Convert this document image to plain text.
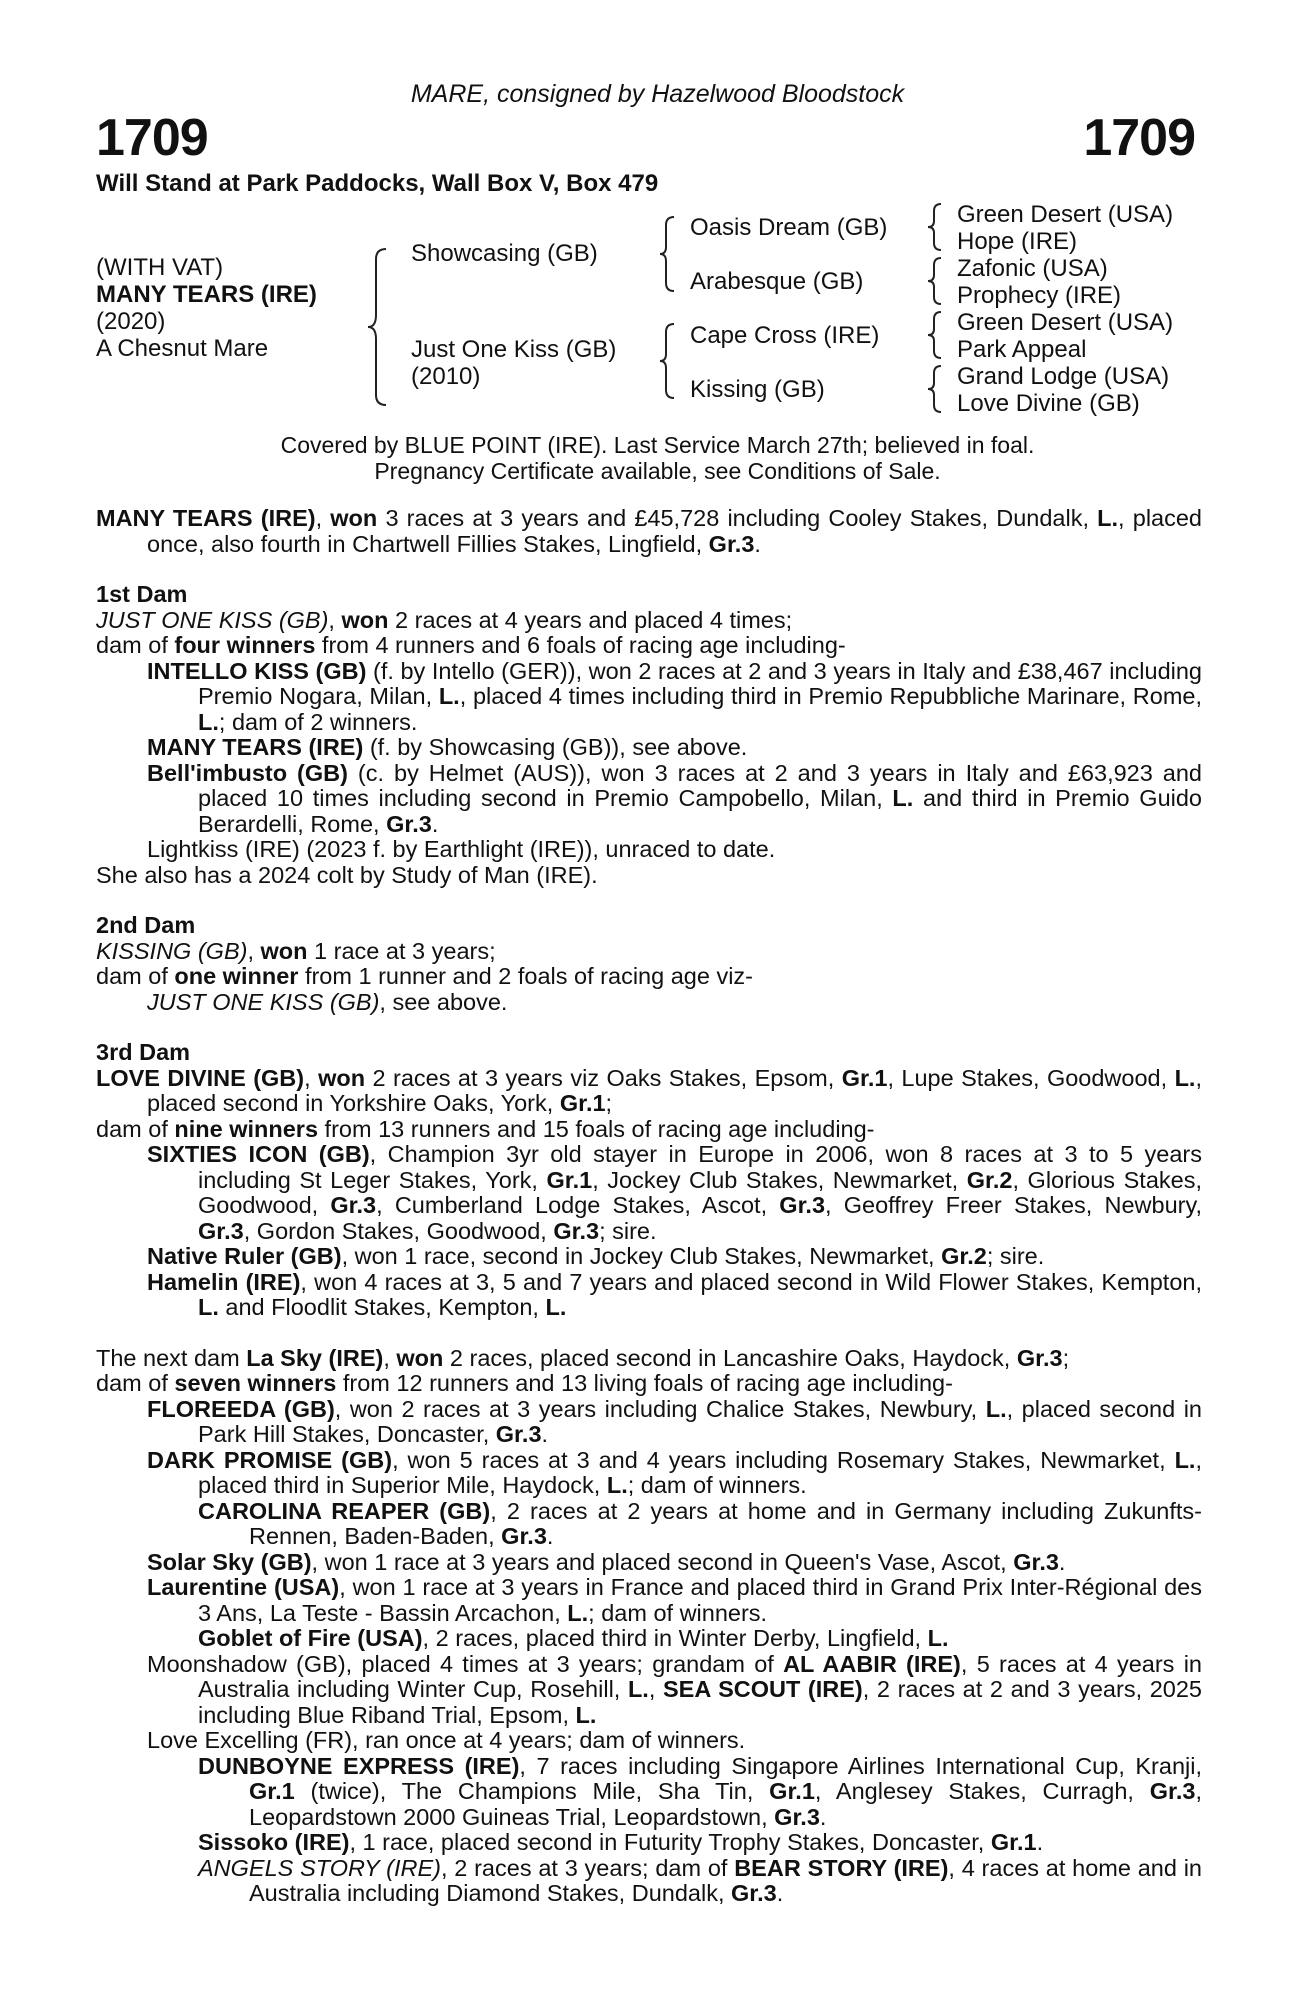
MARE, consigned by Hazelwood Bloodstock
1709	1709
Will Stand at Park Paddocks, Wall Box V, Box 479
(WITH VAT)
MANY TEARS (IRE)
(2020)
A Chesnut Mare
Showcasing (GB)
Just One Kiss (GB)
(2010)
Oasis Dream (GB)
Arabesque (GB)
Cape Cross (IRE)
Kissing (GB)
Green Desert (USA)
Hope (IRE)
Zafonic (USA)
Prophecy (IRE)
Green Desert (USA)
Park Appeal
Grand Lodge (USA)
Love Divine (GB)
Covered by BLUE POINT (IRE). Last Service March 27th; believed in foal.
Pregnancy Certificate available, see Conditions of Sale.

MANY TEARS (IRE), won 3 races at 3 years and £45,728 including Cooley Stakes, Dundalk, L., placed once, also fourth in Chartwell Fillies Stakes, Lingfield, Gr.3.

1st Dam

JUST ONE KISS (GB), won 2 races at 4 years and placed 4 times;

dam of four winners from 4 runners and 6 foals of racing age including-

INTELLO KISS (GB) (f. by Intello (GER)), won 2 races at 2 and 3 years in Italy and £38,467 including Premio Nogara, Milan, L., placed 4 times including third in Premio Repubbliche Marinare, Rome, L.; dam of 2 winners.

MANY TEARS (IRE) (f. by Showcasing (GB)), see above.

Bell'imbusto (GB) (c. by Helmet (AUS)), won 3 races at 2 and 3 years in Italy and £63,923 and placed 10 times including second in Premio Campobello, Milan, L. and third in Premio Guido Berardelli, Rome, Gr.3.

Lightkiss (IRE) (2023 f. by Earthlight (IRE)), unraced to date.

She also has a 2024 colt by Study of Man (IRE).

2nd Dam

KISSING (GB), won 1 race at 3 years;

dam of one winner from 1 runner and 2 foals of racing age viz-

JUST ONE KISS (GB), see above.

3rd Dam

LOVE DIVINE (GB), won 2 races at 3 years viz Oaks Stakes, Epsom, Gr.1, Lupe Stakes, Goodwood, L., placed second in Yorkshire Oaks, York, Gr.1;

dam of nine winners from 13 runners and 15 foals of racing age including-

SIXTIES ICON (GB), Champion 3yr old stayer in Europe in 2006, won 8 races at 3 to 5 years including St Leger Stakes, York, Gr.1, Jockey Club Stakes, Newmarket, Gr.2, Glorious Stakes, Goodwood, Gr.3, Cumberland Lodge Stakes, Ascot, Gr.3, Geoffrey Freer Stakes, Newbury, Gr.3, Gordon Stakes, Goodwood, Gr.3; sire.

Native Ruler (GB), won 1 race, second in Jockey Club Stakes, Newmarket, Gr.2; sire.

Hamelin (IRE), won 4 races at 3, 5 and 7 years and placed second in Wild Flower Stakes, Kempton, L. and Floodlit Stakes, Kempton, L.

The next dam La Sky (IRE), won 2 races, placed second in Lancashire Oaks, Haydock, Gr.3;

dam of seven winners from 12 runners and 13 living foals of racing age including-

FLOREEDA (GB), won 2 races at 3 years including Chalice Stakes, Newbury, L., placed second in Park Hill Stakes, Doncaster, Gr.3.

DARK PROMISE (GB), won 5 races at 3 and 4 years including Rosemary Stakes, Newmarket, L., placed third in Superior Mile, Haydock, L.; dam of winners.

CAROLINA REAPER (GB), 2 races at 2 years at home and in Germany including Zukunfts-Rennen, Baden-Baden, Gr.3.

Solar Sky (GB), won 1 race at 3 years and placed second in Queen's Vase, Ascot, Gr.3.

Laurentine (USA), won 1 race at 3 years in France and placed third in Grand Prix Inter-Régional des 3 Ans, La Teste - Bassin Arcachon, L.; dam of winners.

Goblet of Fire (USA), 2 races, placed third in Winter Derby, Lingfield, L.

Moonshadow (GB), placed 4 times at 3 years; grandam of AL AABIR (IRE), 5 races at 4 years in Australia including Winter Cup, Rosehill, L., SEA SCOUT (IRE), 2 races at 2 and 3 years, 2025 including Blue Riband Trial, Epsom, L.

Love Excelling (FR), ran once at 4 years; dam of winners.

DUNBOYNE EXPRESS (IRE), 7 races including Singapore Airlines International Cup, Kranji, Gr.1 (twice), The Champions Mile, Sha Tin, Gr.1, Anglesey Stakes, Curragh, Gr.3, Leopardstown 2000 Guineas Trial, Leopardstown, Gr.3.

Sissoko (IRE), 1 race, placed second in Futurity Trophy Stakes, Doncaster, Gr.1.

ANGELS STORY (IRE), 2 races at 3 years; dam of BEAR STORY (IRE), 4 races at home and in Australia including Diamond Stakes, Dundalk, Gr.3.
